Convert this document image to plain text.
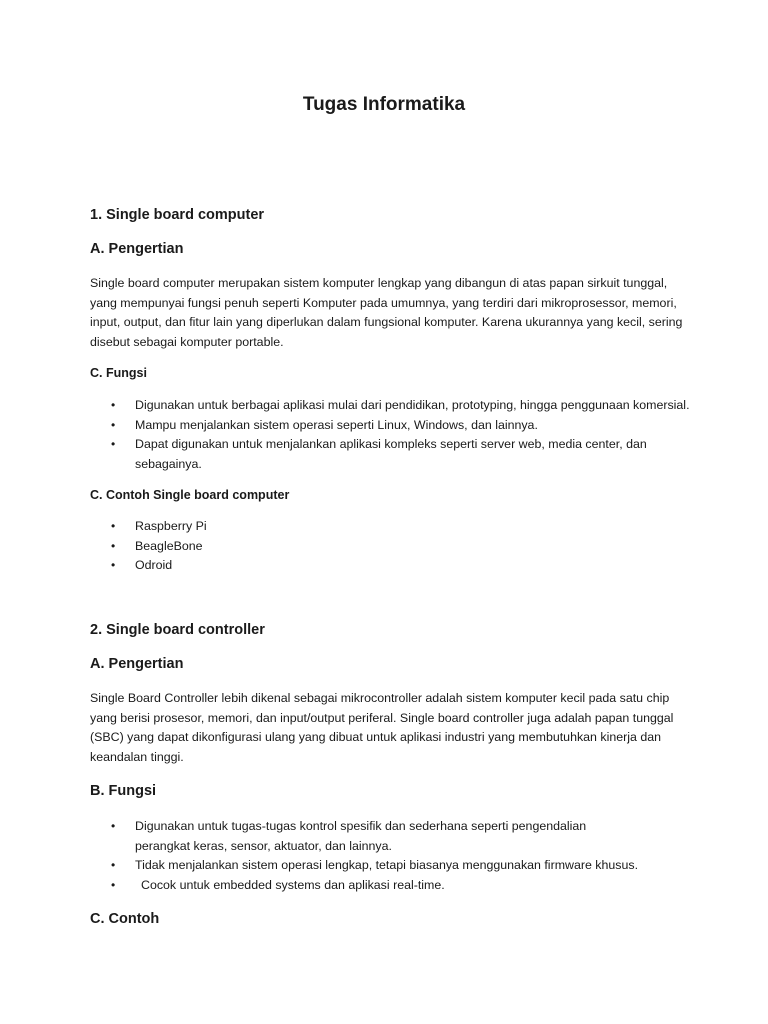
Tugas Informatika
1. Single board computer
A. Pengertian

Single board computer merupakan sistem komputer lengkap yang dibangun di atas papan sirkuit tunggal, yang mempunyai fungsi penuh seperti Komputer pada umumnya, yang terdiri dari mikroprosessor, memori, input, output, dan fitur lain yang diperlukan dalam fungsional komputer. Karena ukurannya yang kecil, sering disebut sebagai komputer portable.

C. Fungsi
• Digunakan untuk berbagai aplikasi mulai dari pendidikan, prototyping, hingga penggunaan komersial.
• Mampu menjalankan sistem operasi seperti Linux, Windows, dan lainnya.
• Dapat digunakan untuk menjalankan aplikasi kompleks seperti server web, media center, dan sebagainya.
C. Contoh Single board computer
• Raspberry Pi
• BeagleBone
• Odroid
2. Single board controller
A. Pengertian

Single Board Controller lebih dikenal sebagai mikrocontroller adalah sistem komputer kecil pada satu chip yang berisi prosesor, memori, dan input/output periferal. Single board controller juga adalah papan tunggal (SBC) yang dapat dikonfigurasi ulang yang dibuat untuk aplikasi industri yang membutuhkan kinerja dan keandalan tinggi.

B. Fungsi
• Digunakan untuk tugas-tugas kontrol spesifik dan sederhana seperti pengendalian perangkat keras, sensor, aktuator, dan lainnya.
• Tidak menjalankan sistem operasi lengkap, tetapi biasanya menggunakan firmware khusus.
• Cocok untuk embedded systems dan aplikasi real-time.
C. Contoh
